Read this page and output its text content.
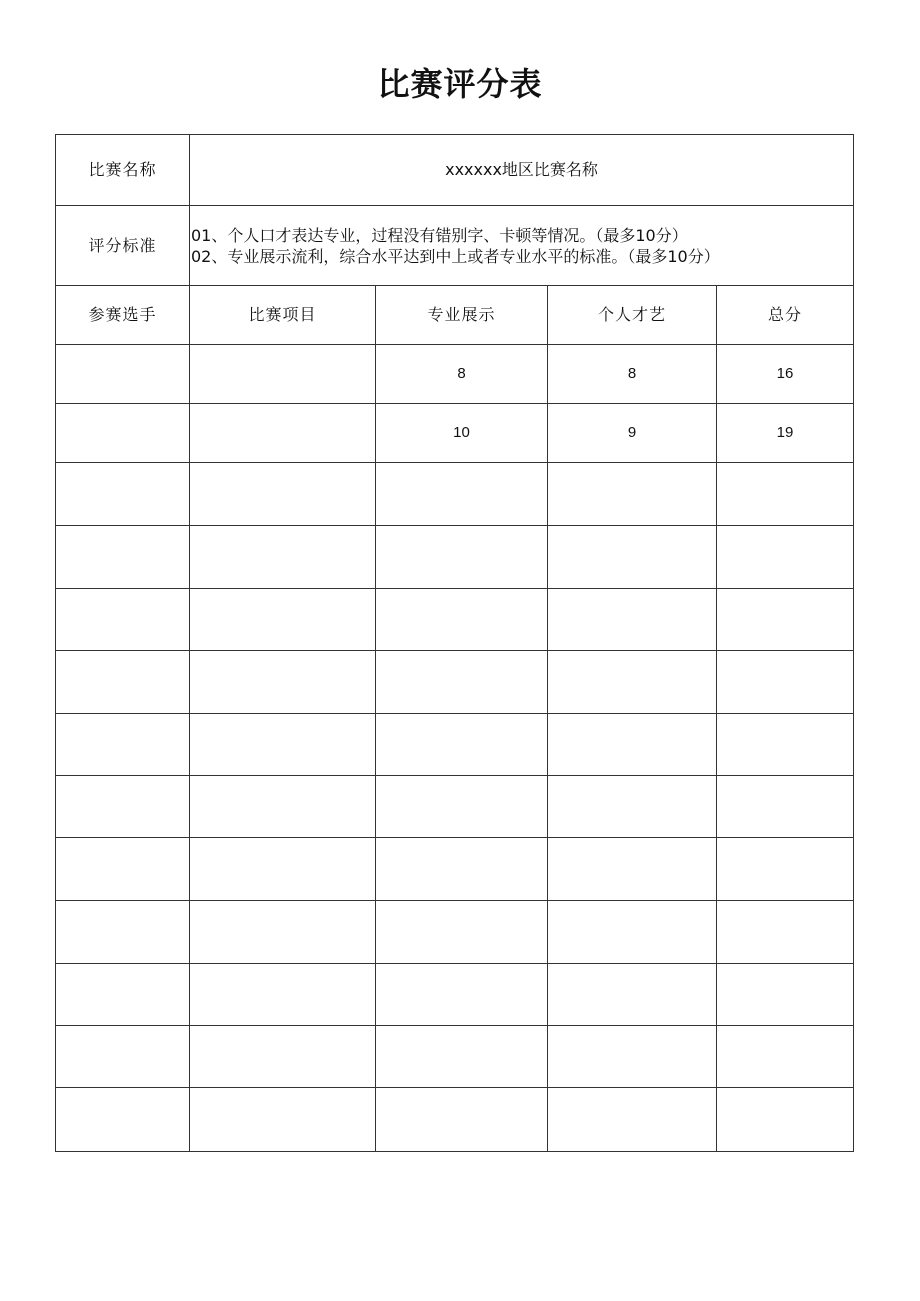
比赛评分表
比赛名称	xxxxxx地区比赛名称			
评分标准	01、个人口才表达专业，过程没有错别字、卡顿等情况。（最多10分）
02、专业展示流利，综合水平达到中上或者专业水平的标准。（最多10分）			

参赛选手	比赛项目	专业展示	个人才艺	总分
		8	8	16
		10	9	19
